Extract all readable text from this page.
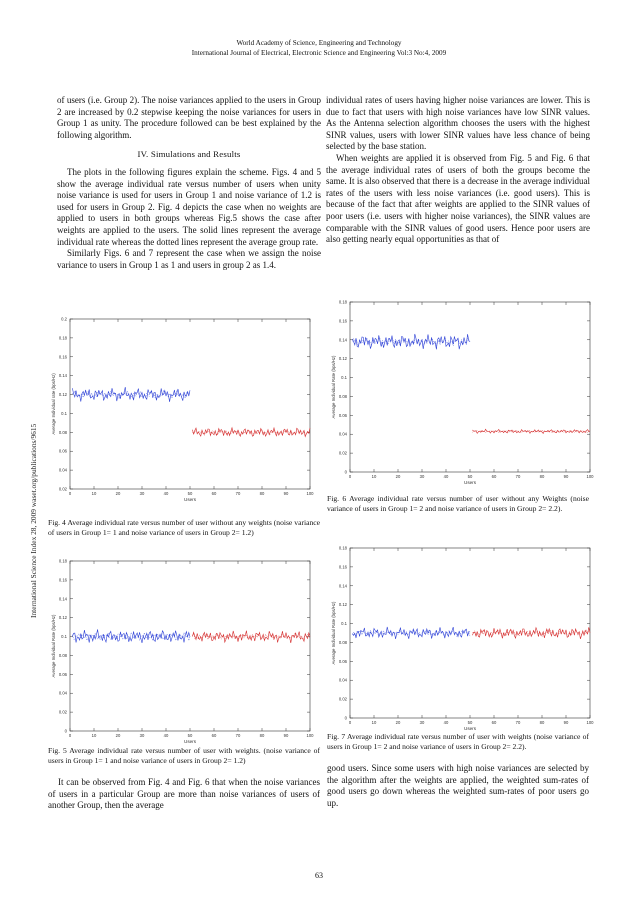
World Academy of Science, Engineering and Technology
International Journal of Electrical, Electronic Science and Engineering Vol:3 No:4, 2009
International Science Index 28, 2009 waset.org/publications/9615

of users (i.e. Group 2). The noise variances applied to the users in Group 2 are increased by 0.2 stepwise keeping the noise variances for users in Group 1 as unity. The procedure followed can be best explained by the following algorithm.

IV. Simulations and Results

The plots in the following figures explain the scheme. Figs. 4 and 5 show the average individual rate versus number of users when unity noise variance is used for users in Group 1 and noise variance of 1.2 is used for users in Group 2. Fig. 4 depicts the case when no weights are applied to users in both groups whereas Fig.5 shows the case after weights are applied to the users. The solid lines represent the average individual rate whereas the dotted lines represent the average group rate.

Similarly Figs. 6 and 7 represent the case when we assign the noise variance to users in Group 1 as 1 and users in group 2 as 1.4.

individual rates of users having higher noise variances are lower. This is due to fact that users with high noise variances have low SINR values. As the Antenna selection algorithm chooses the users with the highest SINR values, users with lower SINR values have less chance of being selected by the base station.

When weights are applied it is observed from Fig. 5 and Fig. 6 that the average individual rates of users of both the groups become the same. It is also observed that there is a decrease in the average individual rates of the users with less noise variances (i.e. good users). This is because of the fact that after weights are applied to the SINR values of poor users (i.e. users with higher noise variances), the SINR values are comparable with the SINR values of good users. Hence poor users are also getting nearly equal opportunities as that of

0.02
0.04
0.06
0.08
0.1
0.12
0.14
0.16
0.18
0.2
0	10	20	30	40	50	60	70	80	90	100
Users
Average Individual rate (bps/Hz)
Fig. 4 Average individual rate versus number of user without any weights (noise variance of users in Group 1= 1 and noise variance of users in Group 2= 1.2)
0
0.02
0.04
0.06
0.08
0.1
0.12
0.14
0.16
0.18
0	10	20	30	40	50	60	70	80	90	100
Users
Average Individual Rate (bps/Hz)
Fig. 5 Average individual rate versus number of user with weights. (noise variance of users in Group 1= 1 and noise variance of users in Group 2= 1.2)

It can be observed from Fig. 4 and Fig. 6 that when the noise variances of users in a particular Group are more than noise variances of users of another Group, then the average

0
0.02
0.04
0.06
0.08
0.1
0.12
0.14
0.16
0.18
0	10	20	30	40	50	60	70	80	90	100
Users
Average Individual Rate (bps/Hz)
Fig. 6 Average individual rate versus number of user without any Weights (noise variance of users in Group 1= 2 and noise variance of users in Group 2= 2.2).
0
0.02
0.04
0.06
0.08
0.1
0.12
0.14
0.16
0.18
0	10	20	30	40	50	60	70	80	90	100
Users
Average Individual Rate (bps/Hz)
Fig. 7 Average individual rate versus number of user with weights (noise variance of users in Group 1= 2 and noise variance of users in Group 2= 2.2).

good users. Since some users with high noise variances are selected by the algorithm after the weights are applied, the weighted sum-rates of good users go down whereas the weighted sum-rates of poor users go up.

63
